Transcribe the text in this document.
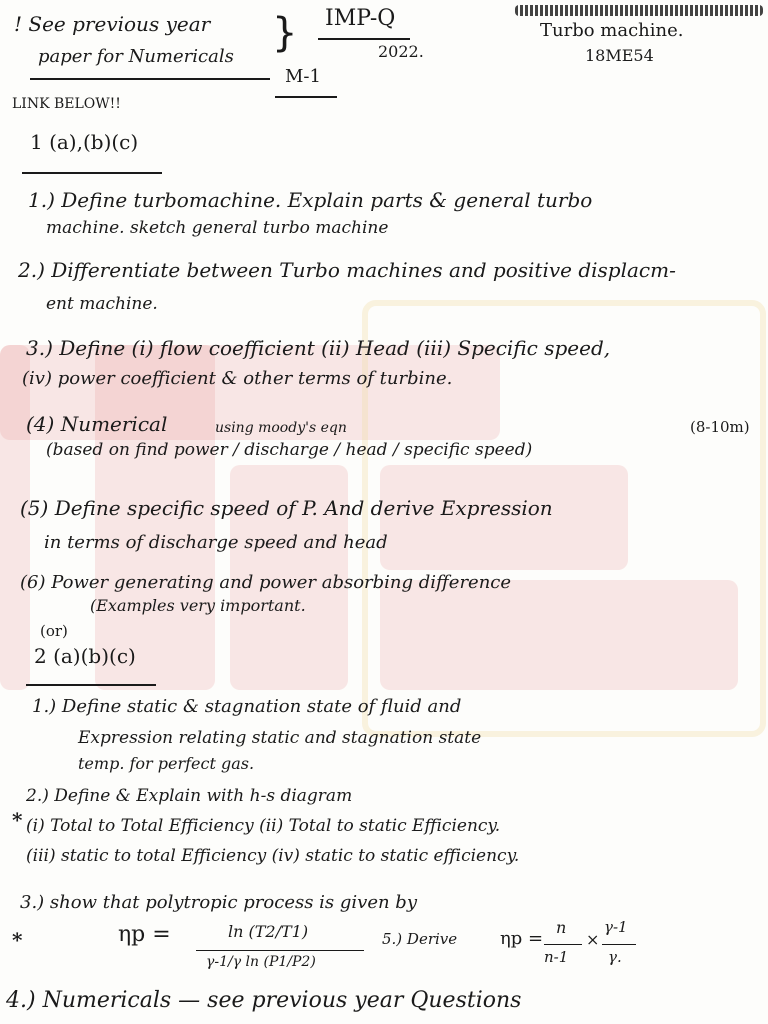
! See previous year
paper for Numericals
} IMP-Q
2022.
M-1
Turbo machine.
18ME54
LINK BELOW!!
1 (a),(b)(c)
1.) Define turbomachine. Explain parts & general turbo
machine. sketch general turbo machine
2.) Differentiate between Turbo machines and positive displacm-
ent machine.
3.) Define (i) flow coefficient (ii) Head (iii) Specific speed,
(iv) power coefficient & other terms of turbine.
(4) Numerical	using moody's eqn	(8-10m)
(based on find power / discharge / head / specific speed)
(5) Define specific speed of P. And derive Expression
in terms of discharge speed and head
(6) Power generating and power absorbing difference
(Examples very important.
(or)
2 (a)(b)(c)
1.) Define static & stagnation state of fluid and
Expression relating static and stagnation state
temp. for perfect gas.
2.) Define & Explain with h-s diagram
* (i) Total to Total Efficiency (ii) Total to static Efficiency.
(iii) static to total Efficiency (iv) static to static efficiency.
3.) show that polytropic process is given by
*	ηp =	ln (T2/T1)
γ-1/γ ln (P1/P2)
5.) Derive ηp =
n
n-1
×
γ-1
γ.
4.) Numericals — see previous year Questions
